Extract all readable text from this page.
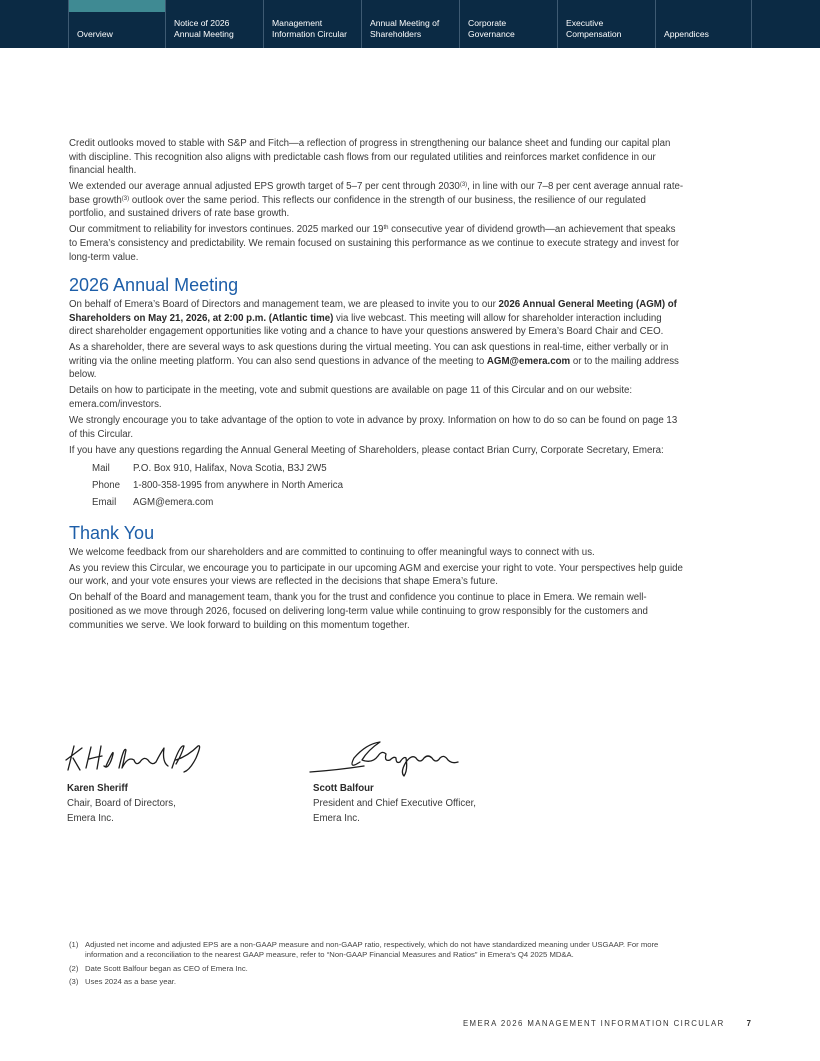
Overview
Notice of 2026
Annual Meeting
Management
Information Circular
Annual Meeting of
Shareholders
Corporate
Governance
Executive
Compensation	Appendices

Credit outlooks moved to stable with S&P and Fitch—a reflection of progress in strengthening our balance sheet and funding our capital plan with discipline. This recognition also aligns with predictable cash flows from our regulated utilities and reinforces market confidence in our financial health.

We extended our average annual adjusted EPS growth target of 5–7 per cent through 2030$^{(3)}$, in line with our 7–8 per cent average annual rate-base growth$^{(3)}$ outlook over the same period. This reflects our confidence in the strength of our business, the resilience of our regulated portfolio, and sustained drivers of rate base growth.

Our commitment to reliability for investors continues. 2025 marked our 19th consecutive year of dividend growth—an achievement that speaks to Emera’s consistency and predictability. We remain focused on sustaining this performance as we continue to execute strategy and invest for long-term value.

2026 Annual Meeting

On behalf of Emera’s Board of Directors and management team, we are pleased to invite you to our 2026 Annual General Meeting (AGM) of Shareholders on May 21, 2026, at 2:00 p.m. (Atlantic time) via live webcast. This meeting will allow for shareholder interaction including direct shareholder engagement opportunities like voting and a chance to have your questions answered by Emera’s Board Chair and CEO.

As a shareholder, there are several ways to ask questions during the virtual meeting. You can ask questions in real-time, either verbally or in writing via the online meeting platform. You can also send questions in advance of the meeting to AGM@emera.com or to the mailing address below.

Details on how to participate in the meeting, vote and submit questions are available on page 11 of this Circular and on our website: emera.com/investors.

We strongly encourage you to take advantage of the option to vote in advance by proxy. Information on how to do so can be found on page 13 of this Circular.

If you have any questions regarding the Annual General Meeting of Shareholders, please contact Brian Curry, Corporate Secretary, Emera:

Mail	P.O. Box 910, Halifax, Nova Scotia, B3J 2W5
Phone	1-800-358-1995 from anywhere in North America
Email	AGM@emera.com
Thank You

We welcome feedback from our shareholders and are committed to continuing to offer meaningful ways to connect with us.

As you review this Circular, we encourage you to participate in our upcoming AGM and exercise your right to vote. Your perspectives help guide our work, and your vote ensures your views are reflected in the decisions that shape Emera’s future.

On behalf of the Board and management team, thank you for the trust and confidence you continue to place in Emera. We remain well-positioned as we move through 2026, focused on delivering long-term value while continuing to grow responsibly for the customers and communities we serve. We look forward to building on this momentum together.

Karen Sheriff
Chair, Board of Directors,
Emera Inc.
Scott Balfour
President and Chief Executive Officer,
Emera Inc.
(1) Adjusted net income and adjusted EPS are a non-GAAP measure and non-GAAP ratio, respectively, which do not have standardized meaning under USGAAP. For more information and a reconciliation to the nearest GAAP measure, refer to “Non-GAAP Financial Measures and Ratios” in Emera’s Q4 2025 MD&A.
(2) Date Scott Balfour began as CEO of Emera Inc.
(3) Uses 2024 as a base year.
EMERA 2026 MANAGEMENT INFORMATION CIRCULAR	7
